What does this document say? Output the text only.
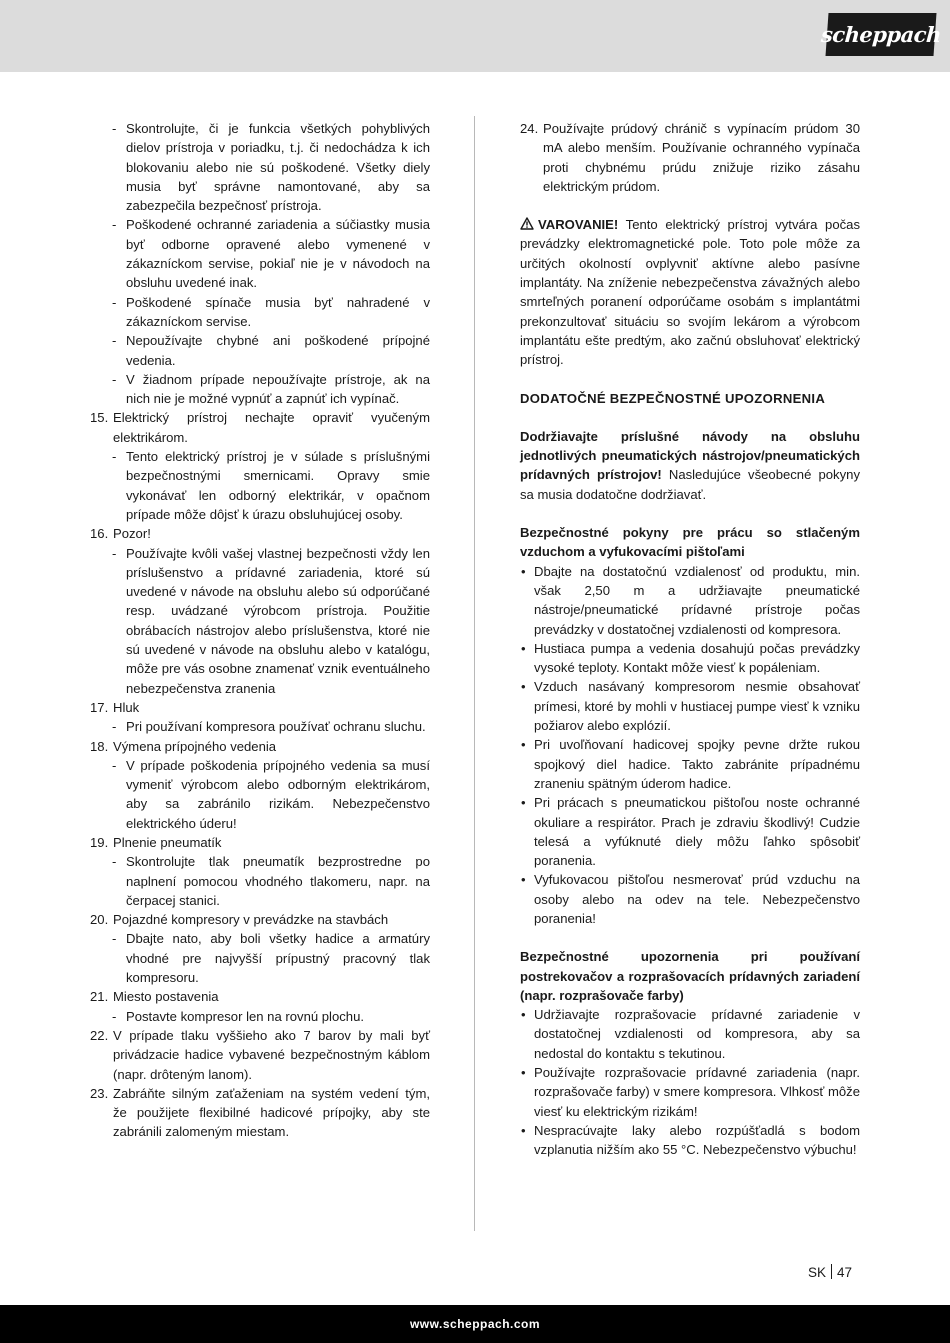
scheppach
- Skontrolujte, či je funkcia všetkých pohyblivých dielov prístroja v poriadku, t.j. či nedochádza k ich blokovaniu alebo nie sú poškodené. Všetky diely musia byť správne namontované, aby sa zabezpečila bezpečnosť prístroja.
- Poškodené ochranné zariadenia a súčiastky musia byť odborne opravené alebo vymenené v zákazníckom servise, pokiaľ nie je v návodoch na obsluhu uvedené inak.
- Poškodené spínače musia byť nahradené v zákazníckom servise.
- Nepoužívajte chybné ani poškodené prípojné vedenia.
- V žiadnom prípade nepoužívajte prístroje, ak na nich nie je možné vypnúť a zapnúť ich vypínač.
15. Elektrický prístroj nechajte opraviť vyučeným elektrikárom.
- Tento elektrický prístroj je v súlade s príslušnými bezpečnostnými smernicami. Opravy smie vykonávať len odborný elektrikár, v opačnom prípade môže dôjsť k úrazu obsluhujúcej osoby.
16. Pozor!
- Používajte kvôli vašej vlastnej bezpečnosti vždy len príslušenstvo a prídavné zariadenia, ktoré sú uvedené v návode na obsluhu alebo sú odporúčané resp. uvádzané výrobcom prístroja. Použitie obrábacích nástrojov alebo príslušenstva, ktoré nie sú uvedené v návode na obsluhu alebo v katalógu, môže pre vás osobne znamenať vznik eventuálneho nebezpečenstva zranenia
17. Hluk
- Pri používaní kompresora používať ochranu sluchu.
18. Výmena prípojného vedenia
- V prípade poškodenia prípojného vedenia sa musí vymeniť výrobcom alebo odborným elektrikárom, aby sa zabránilo rizikám. Nebezpečenstvo elektrického úderu!
19. Plnenie pneumatík
- Skontrolujte tlak pneumatík bezprostredne po naplnení pomocou vhodného tlakomeru, napr. na čerpacej stanici.
20. Pojazdné kompresory v prevádzke na stavbách
- Dbajte nato, aby boli všetky hadice a armatúry vhodné pre najvyšší prípustný pracovný tlak kompresoru.
21. Miesto postavenia
- Postavte kompresor len na rovnú plochu.
22. V prípade tlaku vyššieho ako 7 barov by mali byť privádzacie hadice vybavené bezpečnostným káblom (napr. drôteným lanom).
23. Zabráňte silným zaťaženiam na systém vedení tým, že použijete flexibilné hadicové prípojky, aby ste zabránili zalomeným miestam.
24. Používajte prúdový chránič s vypínacím prúdom 30 mA alebo menším. Používanie ochranného vypínača proti chybnému prúdu znižuje riziko zásahu elektrickým prúdom.
VAROVANIE! Tento elektrický prístroj vytvára počas prevádzky elektromagnetické pole. Toto pole môže za určitých okolností ovplyvniť aktívne alebo pasívne implantáty. Na zníženie nebezpečenstva závažných alebo smrteľných poranení odporúčame osobám s implantátmi prekonzultovať situáciu so svojím lekárom a výrobcom implantátu ešte predtým, ako začnú obsluhovať elektrický prístroj.
DODATOČNÉ BEZPEČNOSTNÉ UPOZORNENIA
Dodržiavajte príslušné návody na obsluhu jednotlivých pneumatických nástrojov/pneumatických prídavných prístrojov! Nasledujúce všeobecné pokyny sa musia dodatočne dodržiavať.
Bezpečnostné pokyny pre prácu so stlačeným vzduchom a vyfukovacími pištoľami
• Dbajte na dostatočnú vzdialenosť od produktu, min. však 2,50 m a udržiavajte pneumatické nástroje/pneumatické prídavné prístroje počas prevádzky v dostatočnej vzdialenosti od kompresora.
• Hustiaca pumpa a vedenia dosahujú počas prevádzky vysoké teploty. Kontakt môže viesť k popáleniam.
• Vzduch nasávaný kompresorom nesmie obsahovať prímesi, ktoré by mohli v hustiacej pumpe viesť k vzniku požiarov alebo explózií.
• Pri uvoľňovaní hadicovej spojky pevne držte rukou spojkový diel hadice. Takto zabránite prípadnému zraneniu spätným úderom hadice.
• Pri prácach s pneumatickou pištoľou noste ochranné okuliare a respirátor. Prach je zdraviu škodlivý! Cudzie telesá a vyfúknuté diely môžu ľahko spôsobiť poranenia.
• Vyfukovacou pištoľou nesmerovať prúd vzduchu na osoby alebo na odev na tele. Nebezpečenstvo poranenia!
Bezpečnostné upozornenia pri používaní postrekovačov a rozprašovacích prídavných zariadení (napr. rozprašovače farby)
• Udržiavajte rozprašovacie prídavné zariadenie v dostatočnej vzdialenosti od kompresora, aby sa nedostal do kontaktu s tekutinou.
• Používajte rozprašovacie prídavné zariadenia (napr. rozprašovače farby) v smere kompresora. Vlhkosť môže viesť ku elektrickým rizikám!
• Nespracúvajte laky alebo rozpúšťadlá s bodom vzplanutia nižším ako 55 °C. Nebezpečenstvo výbuchu!
SK 47
www.scheppach.com
